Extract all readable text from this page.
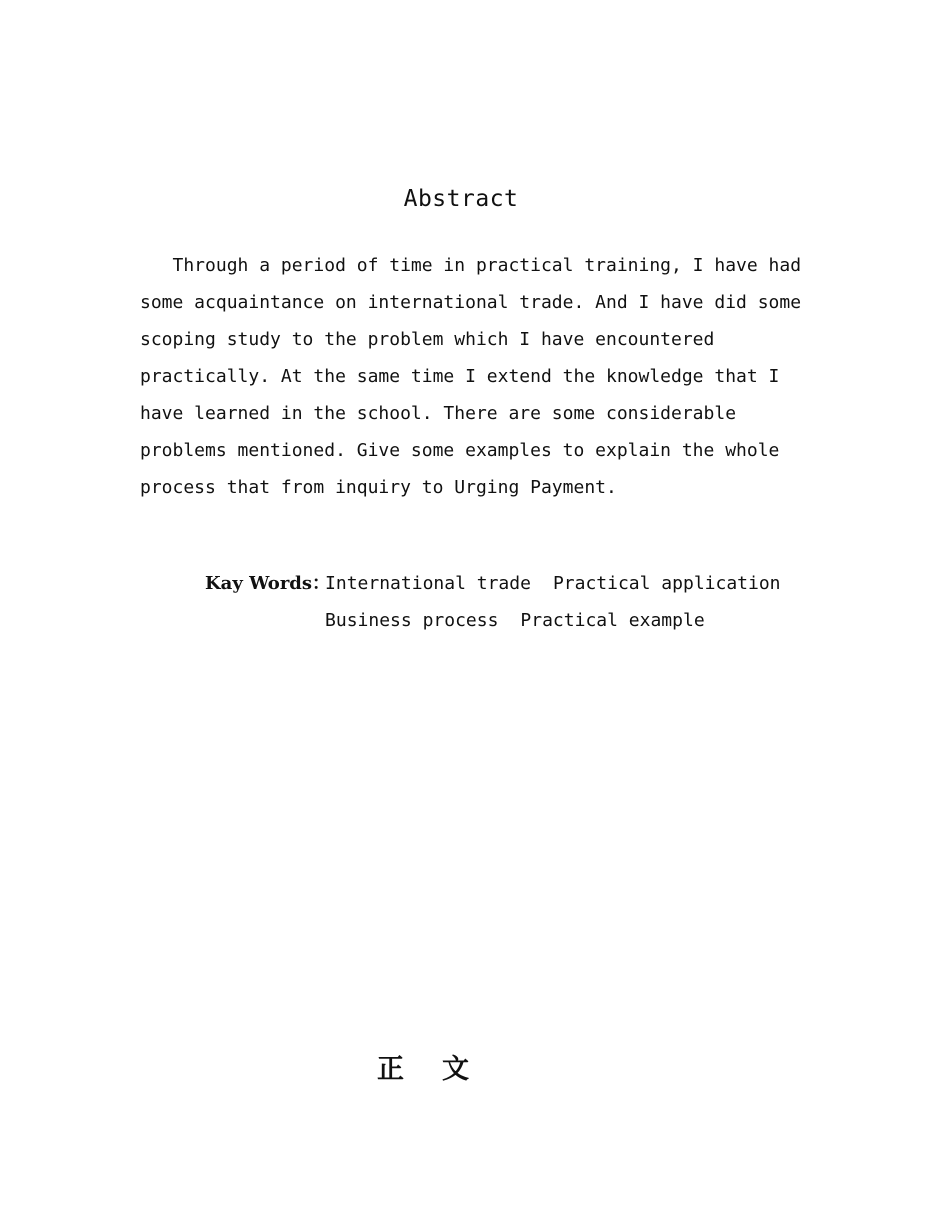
Abstract
Through a period of time in practical training, I have had
some acquaintance on international trade. And I have did some
scoping study to the problem which I have encountered
practically. At the same time I extend the knowledge that I
have learned in the school. There are some considerable
problems mentioned. Give some examples to explain the whole
process that from inquiry to Urging Payment.

Kay Words：International trade Practical application

Business process Practical example

正文
